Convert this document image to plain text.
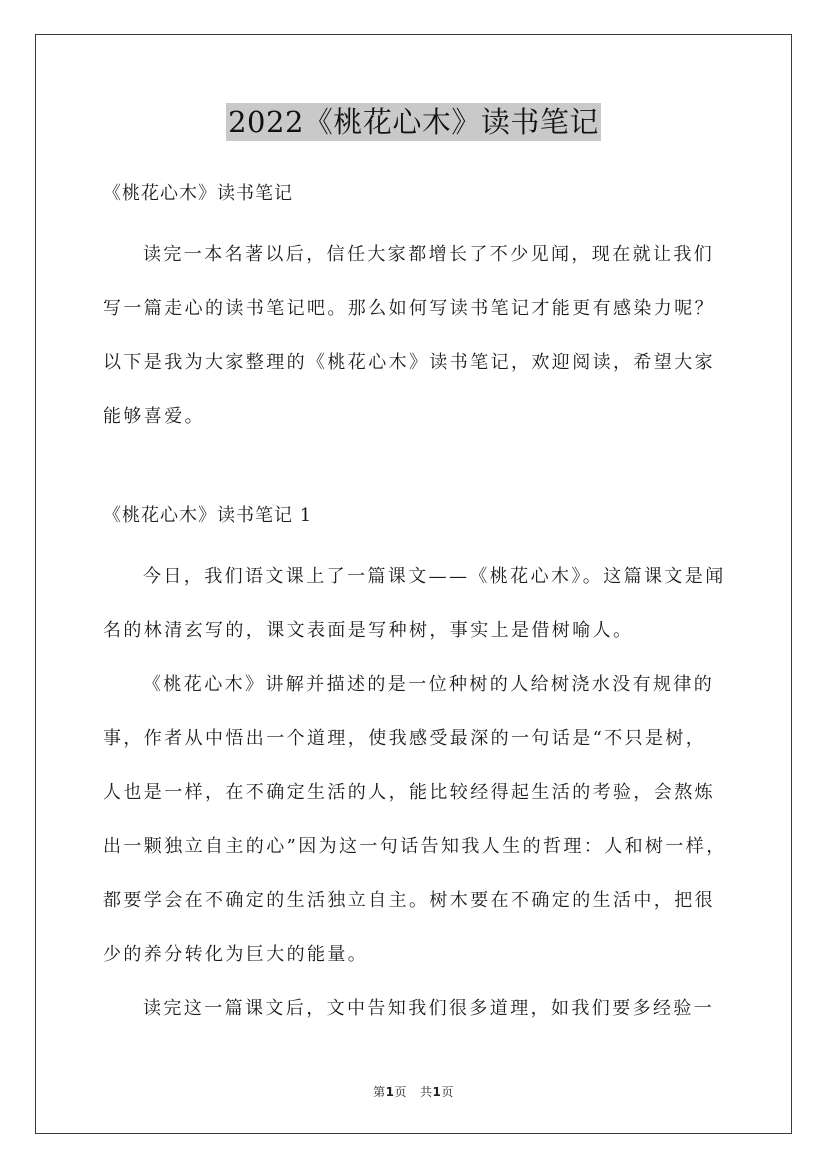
2022《桃花心木》读书笔记
《桃花心木》读书笔记
读完一本名著以后，信任大家都增长了不少见闻，现在就让我们
写一篇走心的读书笔记吧。那么如何写读书笔记才能更有感染力呢？
以下是我为大家整理的《桃花心木》读书笔记，欢迎阅读，希望大家
能够喜爱。
《桃花心木》读书笔记 1
今日，我们语文课上了一篇课文——《桃花心木》。这篇课文是闻
名的林清玄写的，课文表面是写种树，事实上是借树喻人。
《桃花心木》讲解并描述的是一位种树的人给树浇水没有规律的
事，作者从中悟出一个道理，使我感受最深的一句话是“不只是树，
人也是一样，在不确定生活的人，能比较经得起生活的考验，会熬炼
出一颗独立自主的心”因为这一句话告知我人生的哲理：人和树一样，
都要学会在不确定的生活独立自主。树木要在不确定的生活中，把很
少的养分转化为巨大的能量。
读完这一篇课文后，文中告知我们很多道理，如我们要多经验一
第1页 共1页
